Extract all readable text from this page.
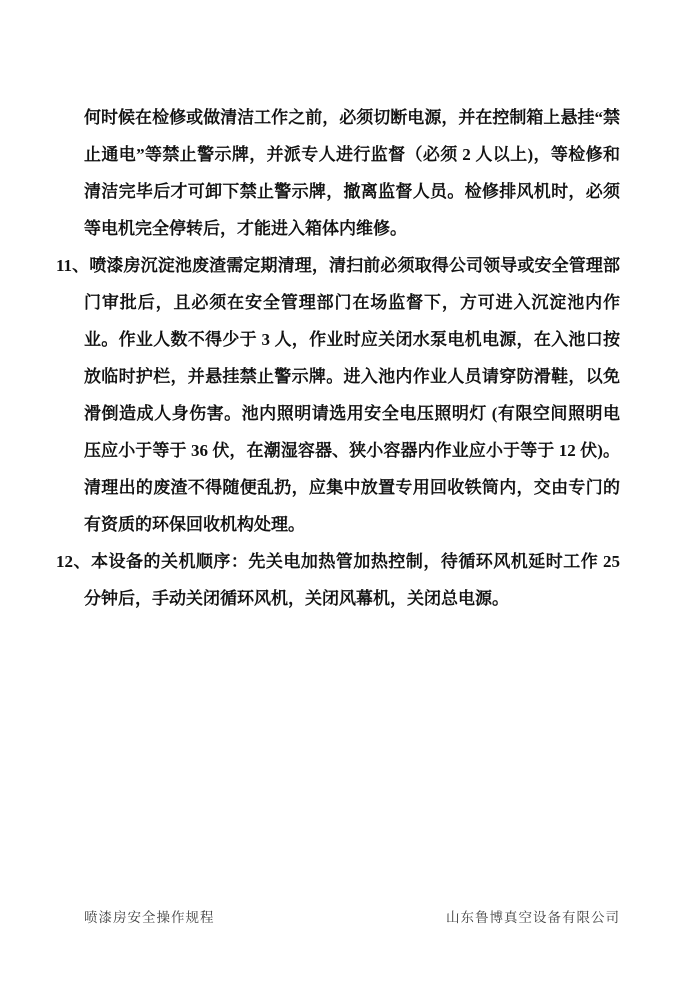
何时候在检修或做清洁工作之前，必须切断电源，并在控制箱上悬挂“禁止通电”等禁止警示牌，并派专人进行监督（必须 2 人以上)，等检修和清洁完毕后才可卸下禁止警示牌，撤离监督人员。检修排风机时，必须等电机完全停转后，才能进入箱体内维修。

11、喷漆房沉淀池废渣需定期清理，清扫前必须取得公司领导或安全管理部门审批后，且必须在安全管理部门在场监督下，方可进入沉淀池内作业。作业人数不得少于 3 人，作业时应关闭水泵电机电源，在入池口按放临时护栏，并悬挂禁止警示牌。进入池内作业人员请穿防滑鞋，以免滑倒造成人身伤害。池内照明请选用安全电压照明灯 (有限空间照明电压应小于等于 36 伏，在潮湿容器、狭小容器内作业应小于等于 12 伏)。清理出的废渣不得随便乱扔，应集中放置专用回收铁筒内，交由专门的有资质的环保回收机构处理。

12、本设备的关机顺序：先关电加热管加热控制，待循环风机延时工作 25 分钟后，手动关闭循环风机，关闭风幕机，关闭总电源。

喷漆房安全操作规程	山东鲁博真空设备有限公司
